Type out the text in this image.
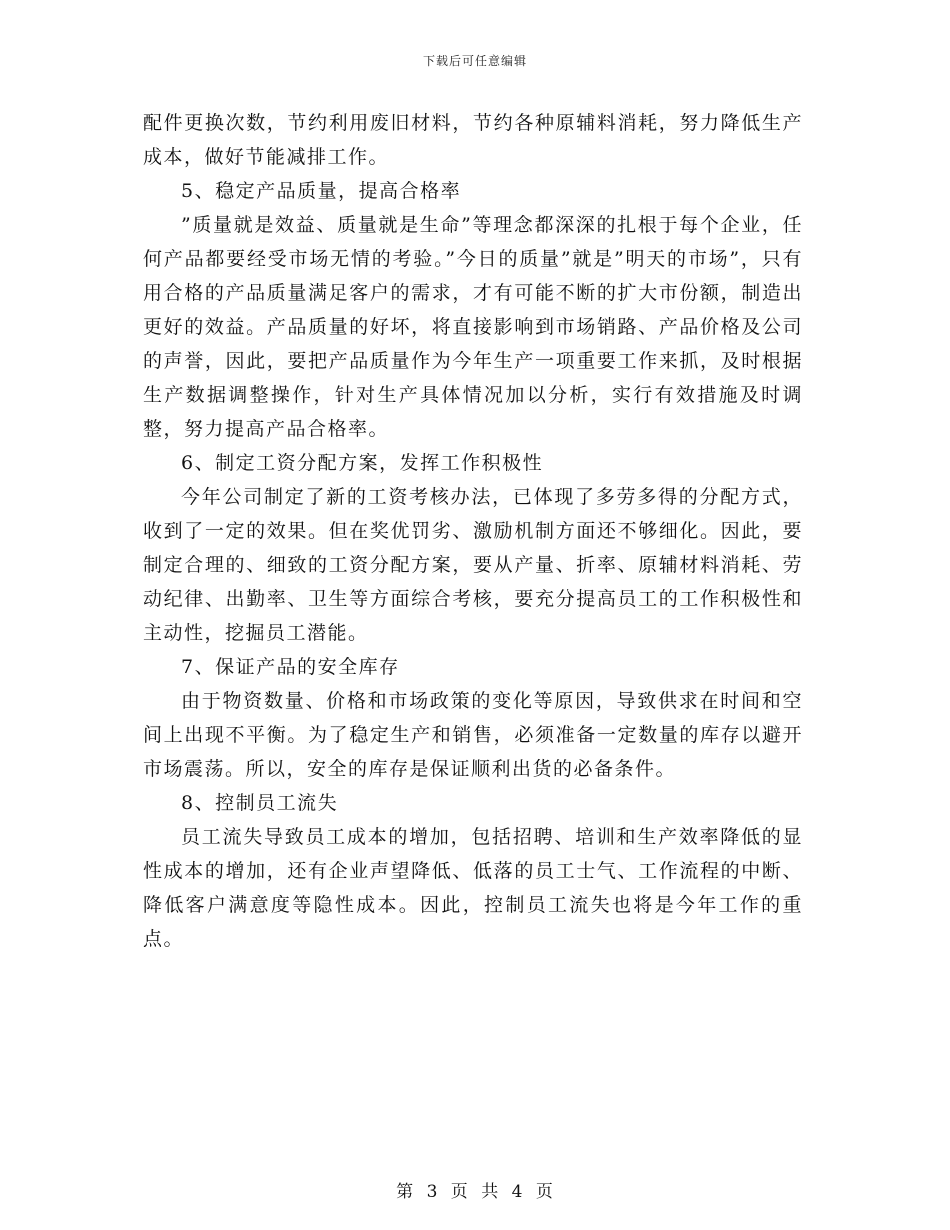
下载后可任意编辑

配件更换次数，节约利用废旧材料，节约各种原辅料消耗，努力降低生产成本，做好节能减排工作。

5、稳定产品质量，提高合格率

”质量就是效益、质量就是生命”等理念都深深的扎根于每个企业，任何产品都要经受市场无情的考验。”今日的质量”就是”明天的市场”，只有用合格的产品质量满足客户的需求，才有可能不断的扩大市份额，制造出更好的效益。产品质量的好坏，将直接影响到市场销路、产品价格及公司的声誉，因此，要把产品质量作为今年生产一项重要工作来抓，及时根据生产数据调整操作，针对生产具体情况加以分析，实行有效措施及时调整，努力提高产品合格率。

6、制定工资分配方案，发挥工作积极性

今年公司制定了新的工资考核办法，已体现了多劳多得的分配方式，收到了一定的效果。但在奖优罚劣、激励机制方面还不够细化。因此，要制定合理的、细致的工资分配方案，要从产量、折率、原辅材料消耗、劳动纪律、出勤率、卫生等方面综合考核，要充分提高员工的工作积极性和主动性，挖掘员工潜能。

7、保证产品的安全库存

由于物资数量、价格和市场政策的变化等原因，导致供求在时间和空间上出现不平衡。为了稳定生产和销售，必须准备一定数量的库存以避开市场震荡。所以，安全的库存是保证顺利出货的必备条件。

8、控制员工流失

员工流失导致员工成本的增加，包括招聘、培训和生产效率降低的显性成本的增加，还有企业声望降低、低落的员工士气、工作流程的中断、降低客户满意度等隐性成本。因此，控制员工流失也将是今年工作的重点。

第 3 页 共 4 页
